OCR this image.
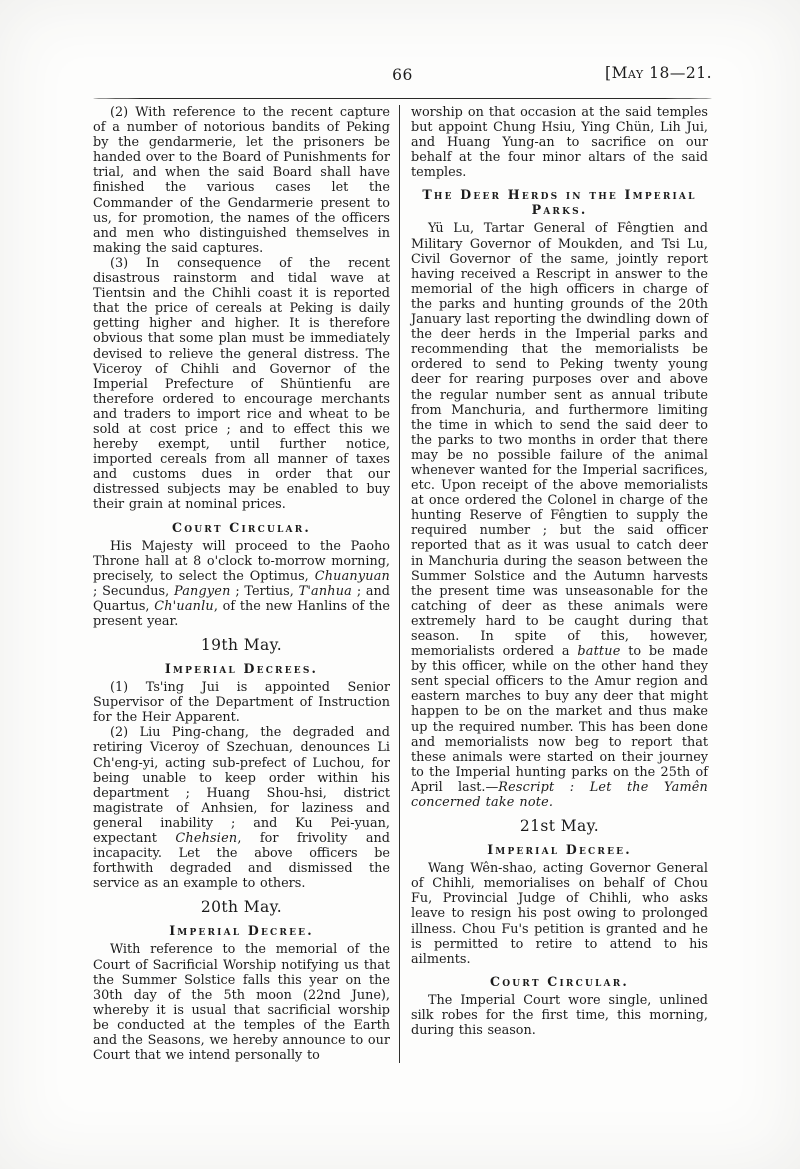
66	[May 18—21.

(2) With reference to the recent capture of a number of notorious bandits of Peking by the gendarmerie, let the prisoners be handed over to the Board of Punishments for trial, and when the said Board shall have finished the various cases let the Commander of the Gendarmerie present to us, for promotion, the names of the officers and men who distinguished themselves in making the said captures.

(3) In consequence of the recent disastrous rainstorm and tidal wave at Tientsin and the Chihli coast it is reported that the price of cereals at Peking is daily getting higher and higher. It is therefore obvious that some plan must be immediately devised to relieve the general distress. The Viceroy of Chihli and Governor of the Imperial Prefecture of Shüntienfu are therefore ordered to encourage merchants and traders to import rice and wheat to be sold at cost price ; and to effect this we hereby exempt, until further notice, imported cereals from all manner of taxes and customs dues in order that our distressed subjects may be enabled to buy their grain at nominal prices.

Court Circular.

His Majesty will proceed to the Paoho Throne hall at 8 o'clock to-morrow morning, precisely, to select the Optimus, Chuanyuan ; Secundus, Pangyen ; Tertius, T'anhua ; and Quartus, Ch'uanlu, of the new Hanlins of the present year.

19th May.
Imperial Decrees.

(1) Ts'ing Jui is appointed Senior Supervisor of the Department of Instruction for the Heir Apparent.

(2) Liu Ping-chang, the degraded and retiring Viceroy of Szechuan, denounces Li Ch'eng-yi, acting sub-prefect of Luchou, for being unable to keep order within his department ; Huang Shou-hsi, district magistrate of Anhsien, for laziness and general inability ; and Ku Pei-yuan, expectant Chehsien, for frivolity and incapacity. Let the above officers be forthwith degraded and dismissed the service as an example to others.

20th May.
Imperial Decree.

With reference to the memorial of the Court of Sacrificial Worship notifying us that the Summer Solstice falls this year on the 30th day of the 5th moon (22nd June), whereby it is usual that sacrificial worship be conducted at the temples of the Earth and the Seasons, we hereby announce to our Court that we intend personally to

worship on that occasion at the said temples but appoint Chung Hsiu, Ying Chün, Lih Jui, and Huang Yung-an to sacrifice on our behalf at the four minor altars of the said temples.

The Deer Herds in the Imperial Parks.

Yü Lu, Tartar General of Fêngtien and Military Governor of Moukden, and Tsi Lu, Civil Governor of the same, jointly report having received a Rescript in answer to the memorial of the high officers in charge of the parks and hunting grounds of the 20th January last reporting the dwindling down of the deer herds in the Imperial parks and recommending that the memorialists be ordered to send to Peking twenty young deer for rearing purposes over and above the regular number sent as annual tribute from Manchuria, and furthermore limiting the time in which to send the said deer to the parks to two months in order that there may be no possible failure of the animal whenever wanted for the Imperial sacrifices, etc. Upon receipt of the above memorialists at once ordered the Colonel in charge of the hunting Reserve of Fêngtien to supply the required number ; but the said officer reported that as it was usual to catch deer in Manchuria during the season between the Summer Solstice and the Autumn harvests the present time was unseasonable for the catching of deer as these animals were extremely hard to be caught during that season. In spite of this, however, memorialists ordered a battue to be made by this officer, while on the other hand they sent special officers to the Amur region and eastern marches to buy any deer that might happen to be on the market and thus make up the required number. This has been done and memorialists now beg to report that these animals were started on their journey to the Imperial hunting parks on the 25th of April last.—Rescript : Let the Yamên concerned take note.

21st May.
Imperial Decree.

Wang Wên-shao, acting Governor General of Chihli, memorialises on behalf of Chou Fu, Provincial Judge of Chihli, who asks leave to resign his post owing to prolonged illness. Chou Fu's petition is granted and he is permitted to retire to attend to his ailments.

Court Circular.

The Imperial Court wore single, unlined silk robes for the first time, this morning, during this season.
